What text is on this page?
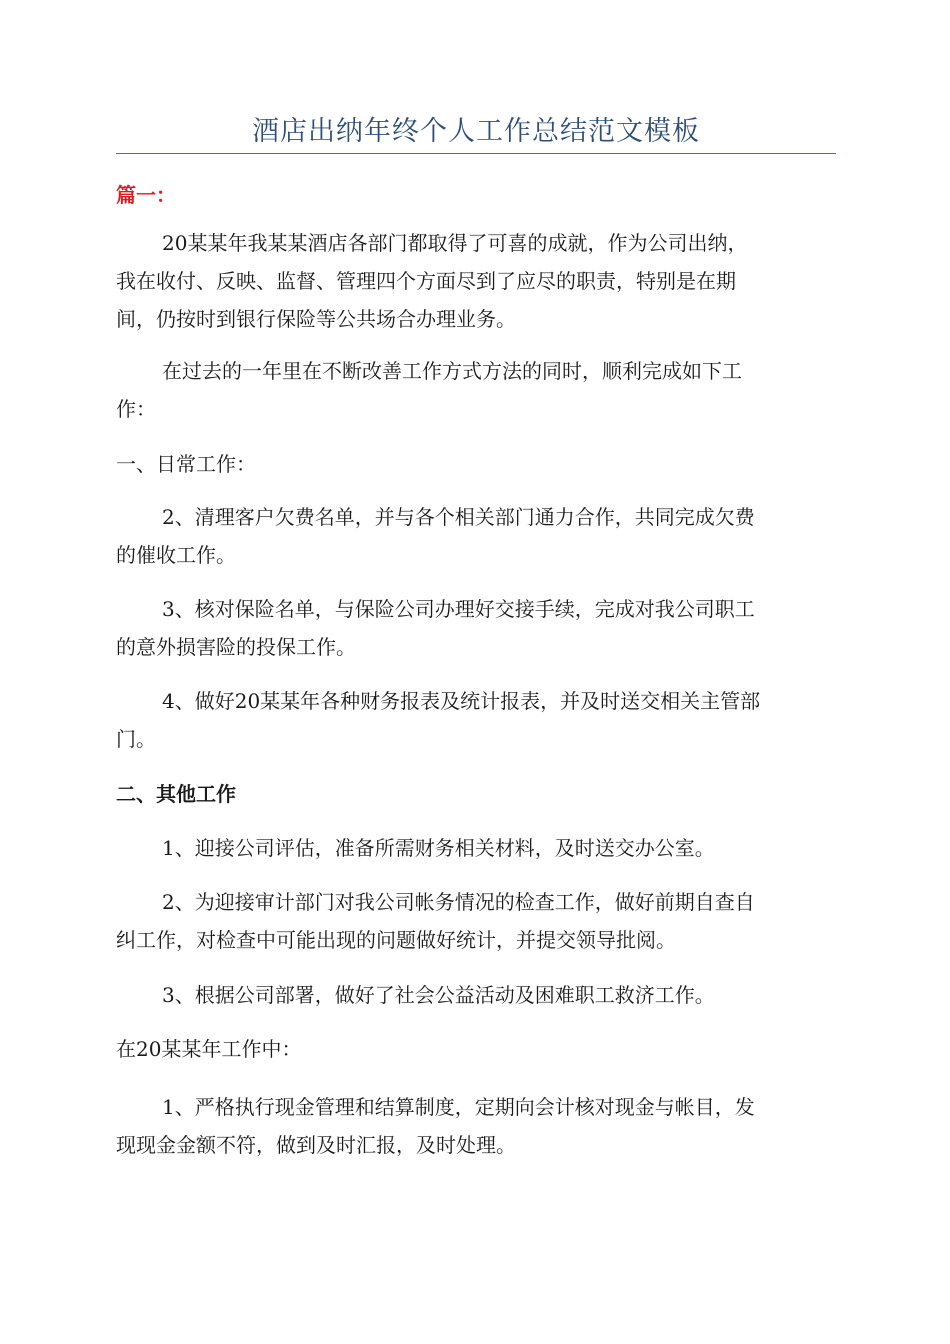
酒店出纳年终个人工作总结范文模板
篇一：
20某某年我某某酒店各部门都取得了可喜的成就，作为公司出纳，
我在收付、反映、监督、管理四个方面尽到了应尽的职责，特别是在期
间，仍按时到银行保险等公共场合办理业务。
在过去的一年里在不断改善工作方式方法的同时，顺利完成如下工
作：
一、日常工作：
2、清理客户欠费名单，并与各个相关部门通力合作，共同完成欠费
的催收工作。
3、核对保险名单，与保险公司办理好交接手续，完成对我公司职工
的意外损害险的投保工作。
4、做好20某某年各种财务报表及统计报表，并及时送交相关主管部
门。
二、其他工作
1、迎接公司评估，准备所需财务相关材料，及时送交办公室。
2、为迎接审计部门对我公司帐务情况的检查工作，做好前期自查自
纠工作，对检查中可能出现的问题做好统计，并提交领导批阅。
3、根据公司部署，做好了社会公益活动及困难职工救济工作。
在20某某年工作中：
1、严格执行现金管理和结算制度，定期向会计核对现金与帐目，发
现现金金额不符，做到及时汇报，及时处理。
